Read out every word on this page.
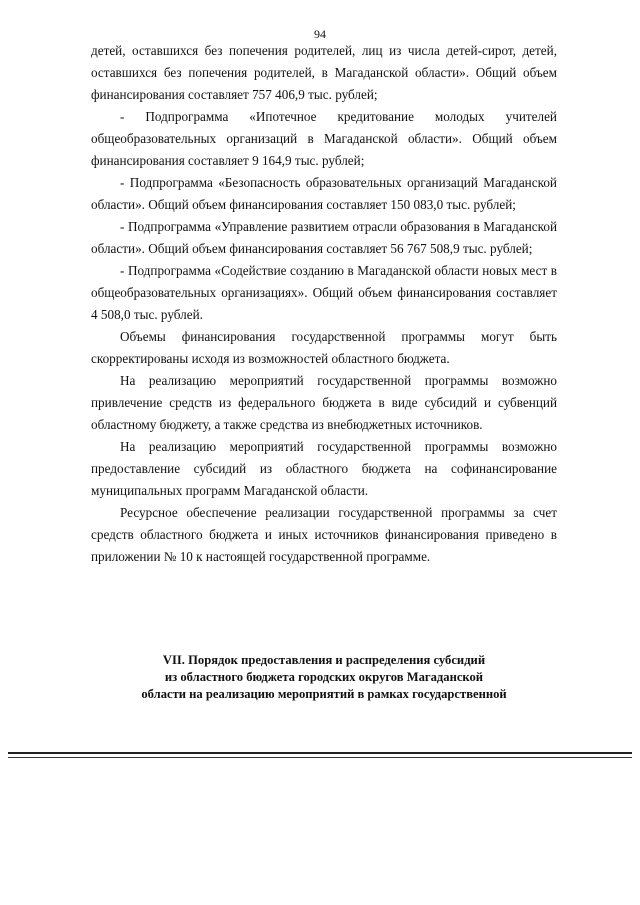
94

детей, оставшихся без попечения родителей, лиц из числа детей-сирот, детей, оставшихся без попечения родителей, в Магаданской области». Общий объем финансирования составляет 757 406,9 тыс. рублей;

- Подпрограмма «Ипотечное кредитование молодых учителей общеобразовательных организаций в Магаданской области». Общий объем финансирования составляет 9 164,9 тыс. рублей;

- Подпрограмма «Безопасность образовательных организаций Магаданской области». Общий объем финансирования составляет 150 083,0 тыс. рублей;

- Подпрограмма «Управление развитием отрасли образования в Магаданской области». Общий объем финансирования составляет 56 767 508,9 тыс. рублей;

- Подпрограмма «Содействие созданию в Магаданской области новых мест в общеобразовательных организациях». Общий объем финансирования составляет 4 508,0 тыс. рублей.

Объемы финансирования государственной программы могут быть скорректированы исходя из возможностей областного бюджета.

На реализацию мероприятий государственной программы возможно привлечение средств из федерального бюджета в виде субсидий и субвенций областному бюджету, а также средства из внебюджетных источников.

На реализацию мероприятий государственной программы возможно предоставление субсидий из областного бюджета на софинансирование муниципальных программ Магаданской области.

Ресурсное обеспечение реализации государственной программы за счет средств областного бюджета и иных источников финансирования приведено в приложении № 10 к настоящей государственной программе.

VII. Порядок предоставления и распределения субсидий
из областного бюджета городских округов Магаданской
области на реализацию мероприятий в рамках государственной
